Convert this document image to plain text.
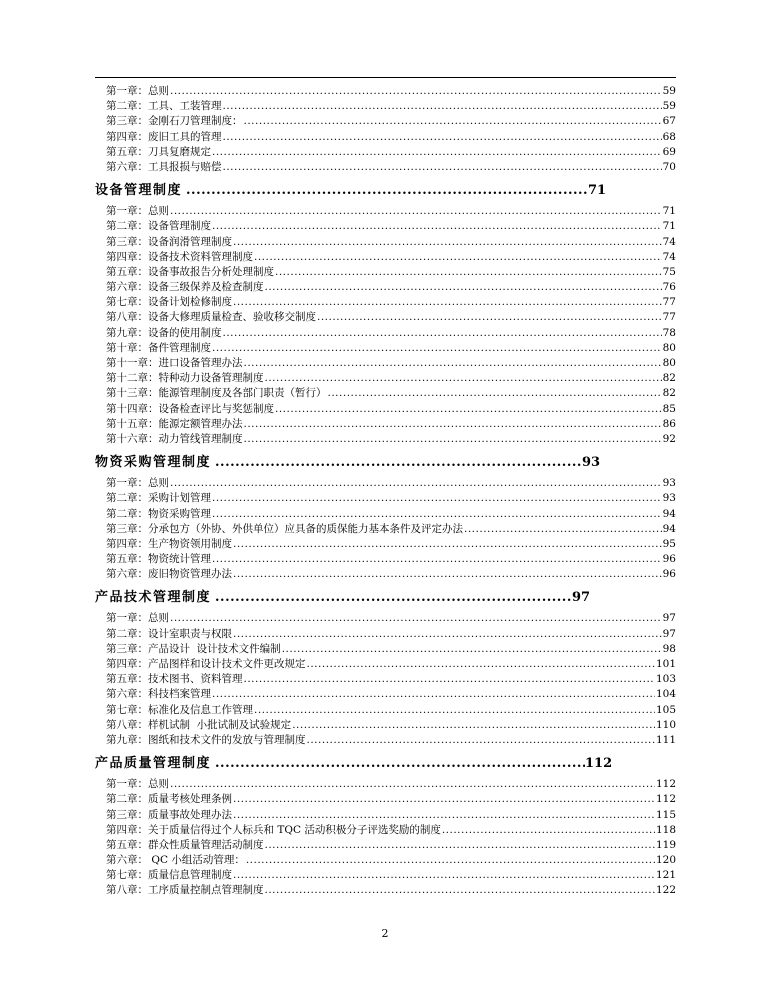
第一章：总则 .....	59
第二章：工具、工装管理 .....	59
第三章：金刚石刀管理制度： .....	67
第四章：废旧工具的管理 .....	68
第五章：刀具复磨规定 .....	69
第六章：工具报损与赔偿 .....	70
设备管理制度 .....	71
第一章：总则 .....	71
第二章：设备管理制度 .....	71
第三章：设备润滑管理制度 .....	74
第四章：设备技术资料管理制度 .....	74
第五章：设备事故报告分析处理制度 .....	75
第六章：设备三级保养及检查制度 .....	76
第七章：设备计划检修制度 .....	77
第八章：设备大修理质量检查、验收移交制度 .....	77
第九章：设备的使用制度 .....	78
第十章：备件管理制度 .....	80
第十一章：进口设备管理办法 .....	80
第十二章：特种动力设备管理制度 .....	82
第十三章：能源管理制度及各部门职责（暂行） .....	82
第十四章：设备检查评比与奖惩制度 .....	85
第十五章：能源定额管理办法 .....	86
第十六章：动力管线管理制度 .....	92
物资采购管理制度 .....	93
第一章：总则 .....	93
第二章：采购计划管理 .....	93
第二章：物资采购管理 .....	94
第三章：分承包方（外协、外供单位）应具备的质保能力基本条件及评定办法 .....	94
第四章：生产物资领用制度 .....	95
第五章：物资统计管理 .....	96
第六章：废旧物资管理办法 .....	96
产品技术管理制度 .....	97
第一章：总则 .....	97
第二章：设计室职责与权限 .....	97
第三章：产品设计  设计技术文件编制 .....	98
第四章：产品图样和设计技术文件更改规定 .....	101
第五章：技术图书、资料管理 .....	103
第六章：科技档案管理 .....	104
第七章：标准化及信息工作管理 .....	105
第八章：样机试制  小批试制及试验规定 .....	110
第九章：图纸和技术文件的发放与管理制度 .....	111
产品质量管理制度 .....	112
第一章：总则 .....	112
第二章：质量考核处理条例 .....	112
第三章：质量事故处理办法 .....	115
第四章：关于质量信得过个人标兵和 TQC 活动积极分子评选奖励的制度 .....	118
第五章：群众性质量管理活动制度 .....	119
第六章： QC 小组活动管理： .....	120
第七章：质量信息管理制度 .....	121
第八章：工序质量控制点管理制度 .....	122
2
